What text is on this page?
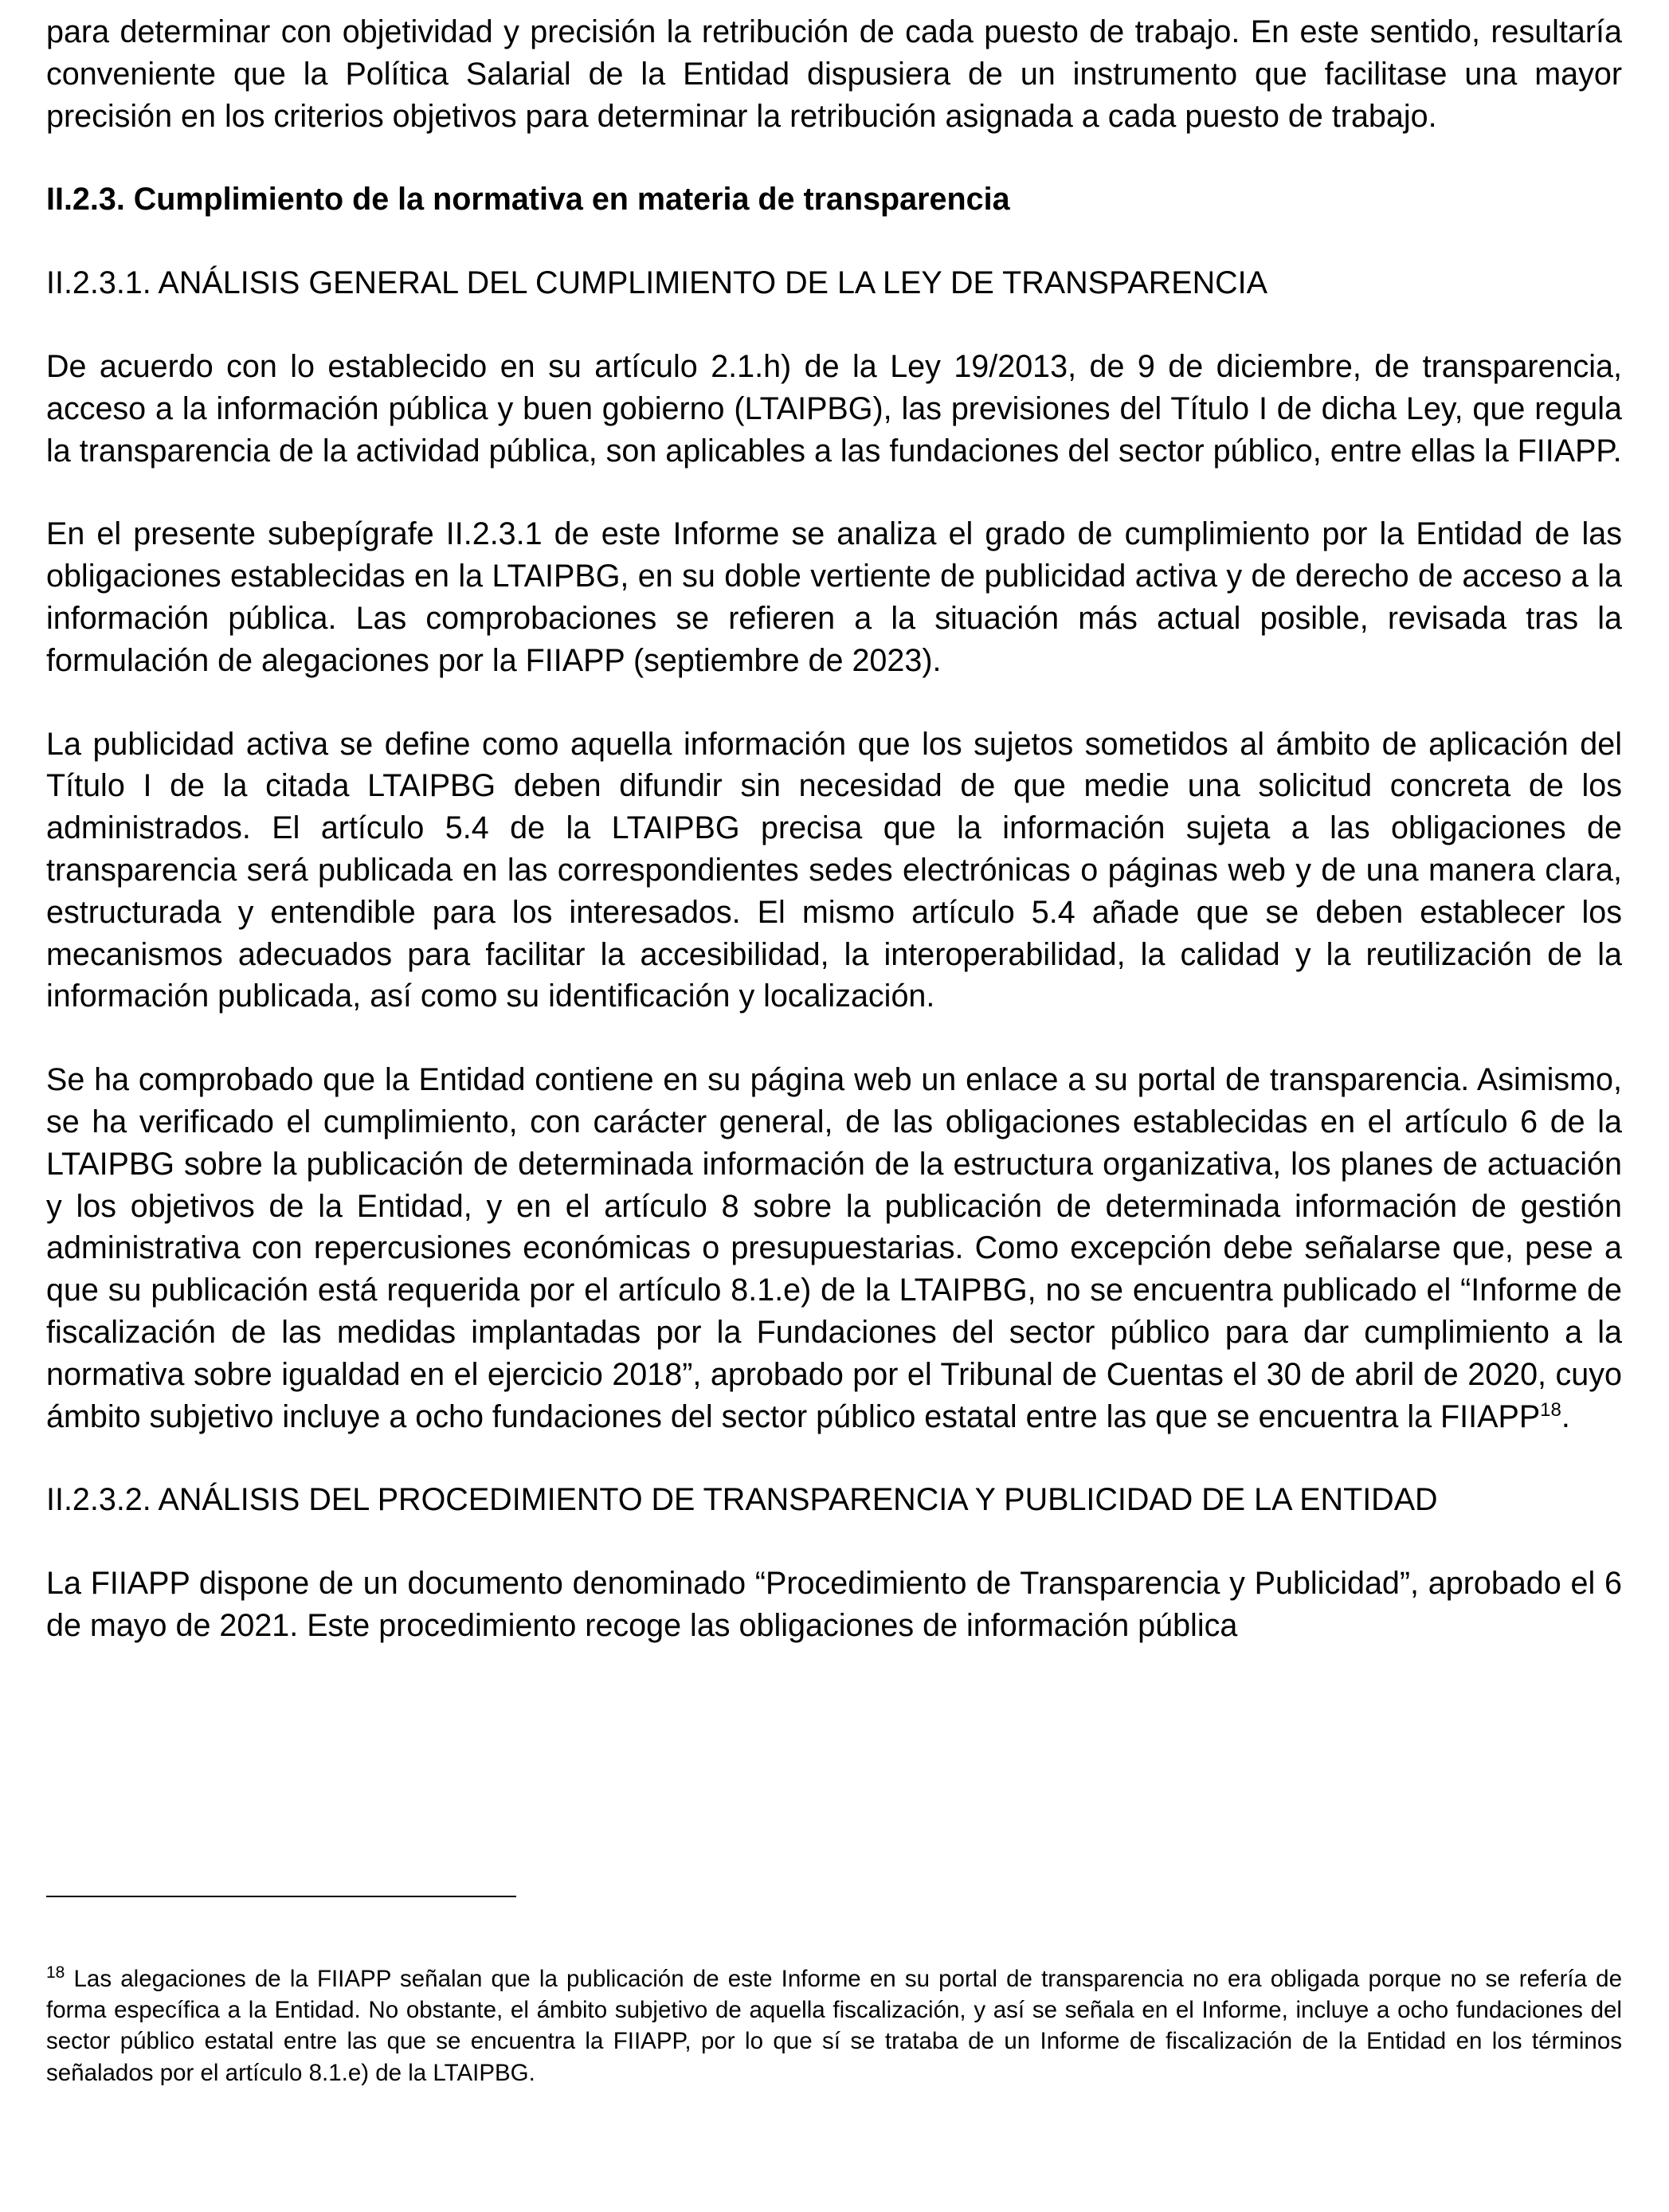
para determinar con objetividad y precisión la retribución de cada puesto de trabajo. En este sentido, resultaría conveniente que la Política Salarial de la Entidad dispusiera de un instrumento que facilitase una mayor precisión en los criterios objetivos para determinar la retribución asignada a cada puesto de trabajo.

II.2.3. Cumplimiento de la normativa en materia de transparencia

II.2.3.1. ANÁLISIS GENERAL DEL CUMPLIMIENTO DE LA LEY DE TRANSPARENCIA

De acuerdo con lo establecido en su artículo 2.1.h) de la Ley 19/2013, de 9 de diciembre, de transparencia, acceso a la información pública y buen gobierno (LTAIPBG), las previsiones del Título I de dicha Ley, que regula la transparencia de la actividad pública, son aplicables a las fundaciones del sector público, entre ellas la FIIAPP.

En el presente subepígrafe II.2.3.1 de este Informe se analiza el grado de cumplimiento por la Entidad de las obligaciones establecidas en la LTAIPBG, en su doble vertiente de publicidad activa y de derecho de acceso a la información pública. Las comprobaciones se refieren a la situación más actual posible, revisada tras la formulación de alegaciones por la FIIAPP (septiembre de 2023).

La publicidad activa se define como aquella información que los sujetos sometidos al ámbito de aplicación del Título I de la citada LTAIPBG deben difundir sin necesidad de que medie una solicitud concreta de los administrados. El artículo 5.4 de la LTAIPBG precisa que la información sujeta a las obligaciones de transparencia será publicada en las correspondientes sedes electrónicas o páginas web y de una manera clara, estructurada y entendible para los interesados. El mismo artículo 5.4 añade que se deben establecer los mecanismos adecuados para facilitar la accesibilidad, la interoperabilidad, la calidad y la reutilización de la información publicada, así como su identificación y localización.

Se ha comprobado que la Entidad contiene en su página web un enlace a su portal de transparencia. Asimismo, se ha verificado el cumplimiento, con carácter general, de las obligaciones establecidas en el artículo 6 de la LTAIPBG sobre la publicación de determinada información de la estructura organizativa, los planes de actuación y los objetivos de la Entidad, y en el artículo 8 sobre la publicación de determinada información de gestión administrativa con repercusiones económicas o presupuestarias. Como excepción debe señalarse que, pese a que su publicación está requerida por el artículo 8.1.e) de la LTAIPBG, no se encuentra publicado el “Informe de fiscalización de las medidas implantadas por la Fundaciones del sector público para dar cumplimiento a la normativa sobre igualdad en el ejercicio 2018”, aprobado por el Tribunal de Cuentas el 30 de abril de 2020, cuyo ámbito subjetivo incluye a ocho fundaciones del sector público estatal entre las que se encuentra la FIIAPP$^{18}$.

II.2.3.2. ANÁLISIS DEL PROCEDIMIENTO DE TRANSPARENCIA Y PUBLICIDAD DE LA ENTIDAD

La FIIAPP dispone de un documento denominado “Procedimiento de Transparencia y Publicidad”, aprobado el 6 de mayo de 2021. Este procedimiento recoge las obligaciones de información pública

$^{18}$ Las alegaciones de la FIIAPP señalan que la publicación de este Informe en su portal de transparencia no era obligada porque no se refería de forma específica a la Entidad. No obstante, el ámbito subjetivo de aquella fiscalización, y así se señala en el Informe, incluye a ocho fundaciones del sector público estatal entre las que se encuentra la FIIAPP, por lo que sí se trataba de un Informe de fiscalización de la Entidad en los términos señalados por el artículo 8.1.e) de la LTAIPBG.
